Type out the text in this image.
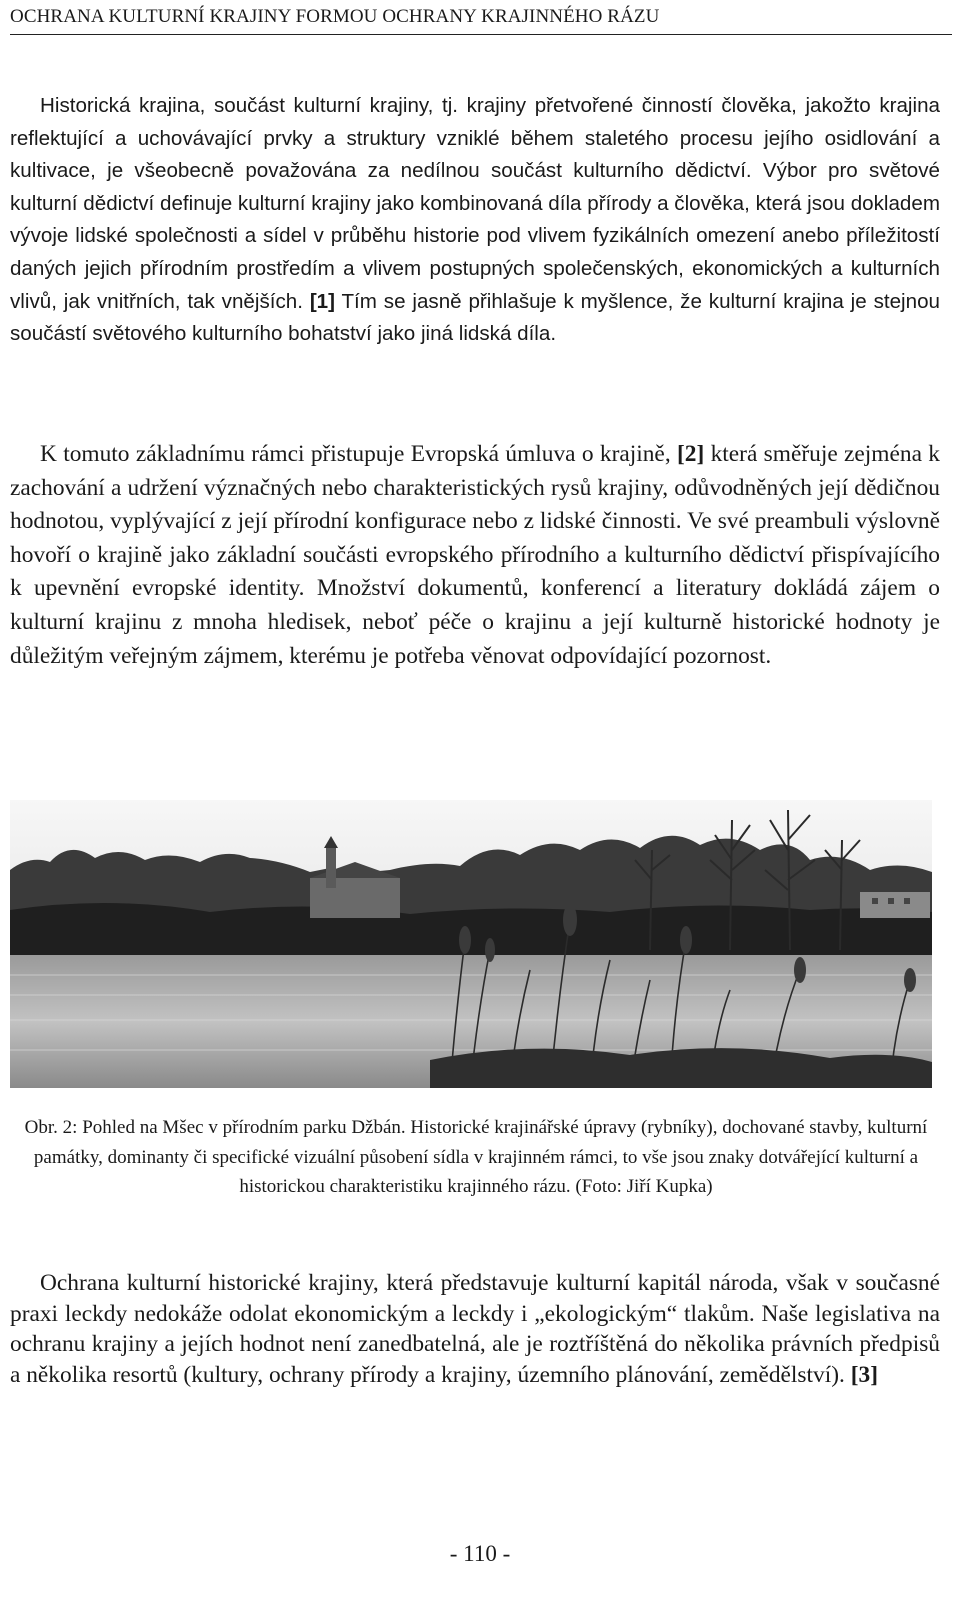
OCHRANA KULTURNÍ KRAJINY FORMOU OCHRANY KRAJINNÉHO RÁZU

Historická krajina, součást kulturní krajiny, tj. krajiny přetvořené činností člověka, jakožto krajina reflektující a uchovávající prvky a struktury vzniklé během staletého procesu jejího osidlování a kultivace, je všeobecně považována za nedílnou součást kulturního dědictví. Výbor pro světové kulturní dědictví definuje kulturní krajiny jako kombinovaná díla přírody a člověka, která jsou dokladem vývoje lidské společnosti a sídel v průběhu historie pod vlivem fyzikálních omezení anebo příležitostí daných jejich přírodním prostředím a vlivem postupných společenských, ekonomických a kulturních vlivů, jak vnitřních, tak vnějších. [1] Tím se jasně přihlašuje k myšlence, že kulturní krajina je stejnou součástí světového kulturního bohatství jako jiná lidská díla.

K tomuto základnímu rámci přistupuje Evropská úmluva o krajině, [2] která směřuje zejména k zachování a udržení význačných nebo charakteristických rysů krajiny, odůvodněných její dědičnou hodnotou, vyplývající z její přírodní konfigurace nebo z lidské činnosti. Ve své preambuli výslovně hovoří o krajině jako základní součásti evropského přírodního a kulturního dědictví přispívajícího k upevnění evropské identity. Množství dokumentů, konferencí a literatury dokládá zájem o kulturní krajinu z mnoha hledisek, neboť péče o krajinu a její kulturně historické hodnoty je důležitým veřejným zájmem, kterému je potřeba věnovat odpovídající pozornost.

Obr. 2: Pohled na Mšec v přírodním parku Džbán. Historické krajinářské úpravy (rybníky), dochované stavby, kulturní památky, dominanty či specifické vizuální působení sídla v krajinném rámci, to vše jsou znaky dotvářející kulturní a historickou charakteristiku krajinného rázu. (Foto: Jiří Kupka)

Ochrana kulturní historické krajiny, která představuje kulturní kapitál národa, však v současné praxi leckdy nedokáže odolat ekonomickým a leckdy i „ekologickým“ tlakům. Naše legislativa na ochranu krajiny a jejích hodnot není zanedbatelná, ale je roztříštěná do několika právních předpisů a několika resortů (kultury, ochrany přírody a krajiny, územního plánování, zemědělství). [3]

- 110 -
